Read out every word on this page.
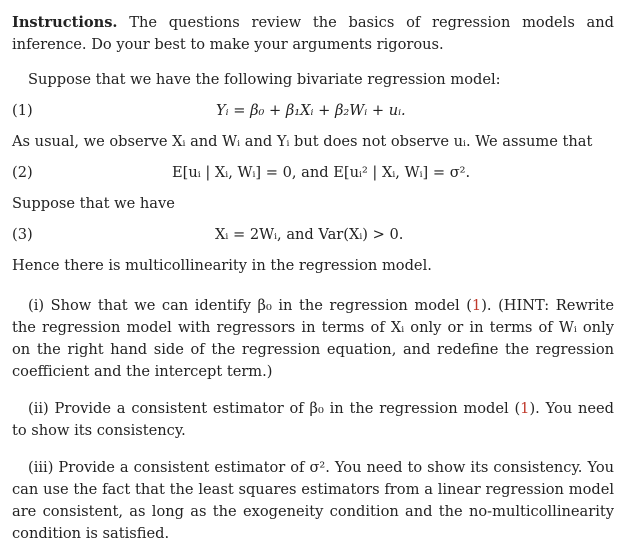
Instructions. The questions review the basics of regression models and inference. Do your best to make your arguments rigorous.

Suppose that we have the following bivariate regression model:

(1)	Yᵢ = β₀ + β₁Xᵢ + β₂Wᵢ + uᵢ.

As usual, we observe Xᵢ and Wᵢ and Yᵢ but does not observe uᵢ. We assume that

(2)	E[uᵢ | Xᵢ, Wᵢ] = 0, and E[uᵢ² | Xᵢ, Wᵢ] = σ².

Suppose that we have

(3)	Xᵢ = 2Wᵢ, and Var(Xᵢ) > 0.

Hence there is multicollinearity in the regression model.

(i) Show that we can identify β₀ in the regression model (1). (HINT: Rewrite the regression model with regressors in terms of Xᵢ only or in terms of Wᵢ only on the right hand side of the regression equation, and redefine the regression coefficient and the intercept term.)

(ii) Provide a consistent estimator of β₀ in the regression model (1). You need to show its consistency.

(iii) Provide a consistent estimator of σ². You need to show its consistency. You can use the fact that the least squares estimators from a linear regression model are consistent, as long as the exogeneity condition and the no-multicollinearity condition is satisfied.
